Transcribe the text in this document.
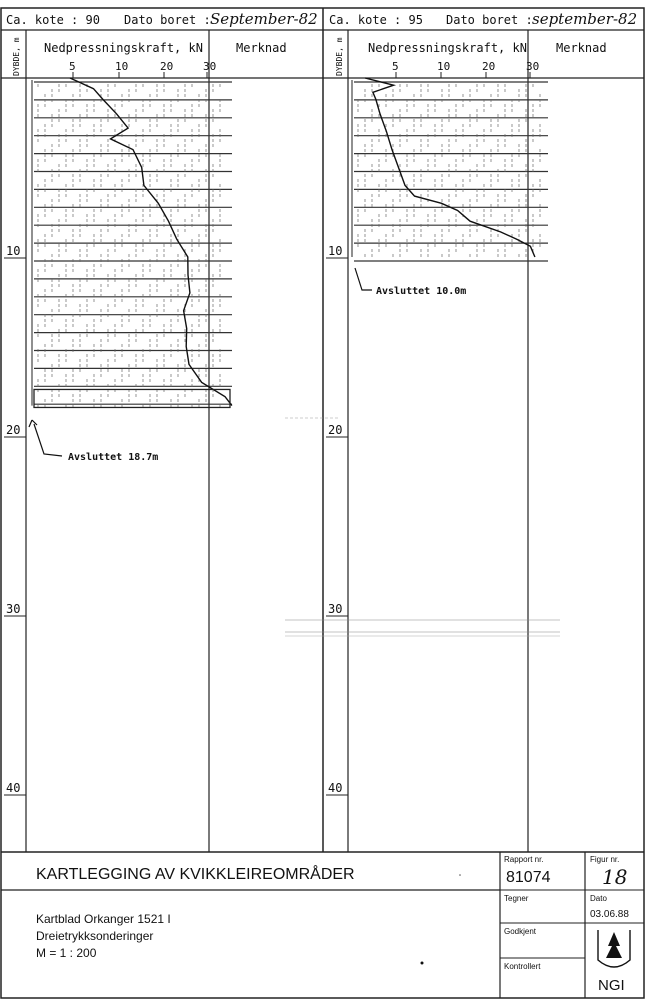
Ca. kote : 90 Dato boret : September-82
DYBDE, m Nedpressningskraft, kN	Merknad
5	10	20	30
10
20
30
40
Avsluttet 18.7m
Ca. kote : 95 Dato boret : september-82
DYBDE, m Nedpressningskraft, kN Merknad
5	10	20	30
10
20
30
40
Avsluttet 10.0m
KARTLEGGING AV KVIKKLEIREOMRÅDER
Kartblad Orkanger 1521 I
Dreietrykksonderinger
M = 1 : 200
Rapport nr.
81074
Figur nr.
18
Tegner	Dato
03.06.88
Godkjent
Kontrollert
NGI
